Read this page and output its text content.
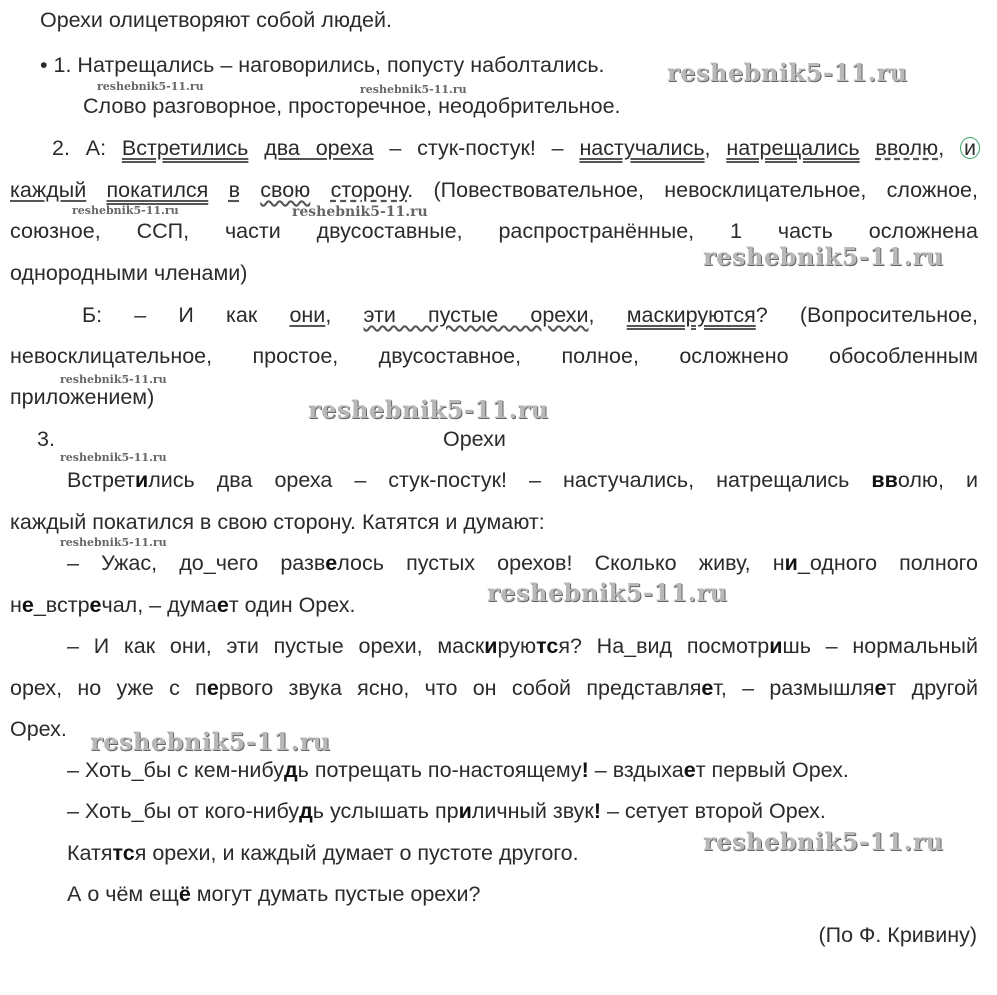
Орехи олицетворяют собой людей.
• 1. Натрещались – наговорились, попусту наболтались.
Слово разговорное, просторечное, неодобрительное.
2. А: Встретились два ореха – стук-постук! – настучались, натрещались вволю, и
каждый покатился в свою сторону. (Повествовательное, невосклицательное, сложное,
союзное, ССП, части двусоставные, распространённые, 1 часть осложнена
однородными членами)
Б: – И как они, эти пустые орехи, маскируются? (Вопросительное,
невосклицательное, простое, двусоставное, полное, осложнено обособленным
приложением)
3.	Орехи
Встретились два ореха – стук-постук! – настучались, натрещались вволю, и
каждый покатился в свою сторону. Катятся и думают:
– Ужас, до_чего развелось пустых орехов! Сколько живу, ни_одного полного
не_встречал, – думает один Орех.
– И как они, эти пустые орехи, маскируются? На_вид посмотришь – нормальный
орех, но уже с первого звука ясно, что он собой представляет, – размышляет другой
Орех.
– Хоть_бы с кем-нибудь потрещать по-настоящему! – вздыхает первый Орех.
– Хоть_бы от кого-нибудь услышать приличный звук! – сетует второй Орех.
Катятся орехи, и каждый думает о пустоте другого.
А о чём ещё могут думать пустые орехи?
(По Ф. Кривину)
reshebnik5-11.ru
reshebnik5-11.ru	reshebnik5-11.ru
reshebnik5-11.ru	reshebnik5-11.ru
reshebnik5-11.ru
reshebnik5-11.ru
reshebnik5-11.ru
reshebnik5-11.ru
reshebnik5-11.ru
reshebnik5-11.ru
reshebnik5-11.ru
reshebnik5-11.ru
